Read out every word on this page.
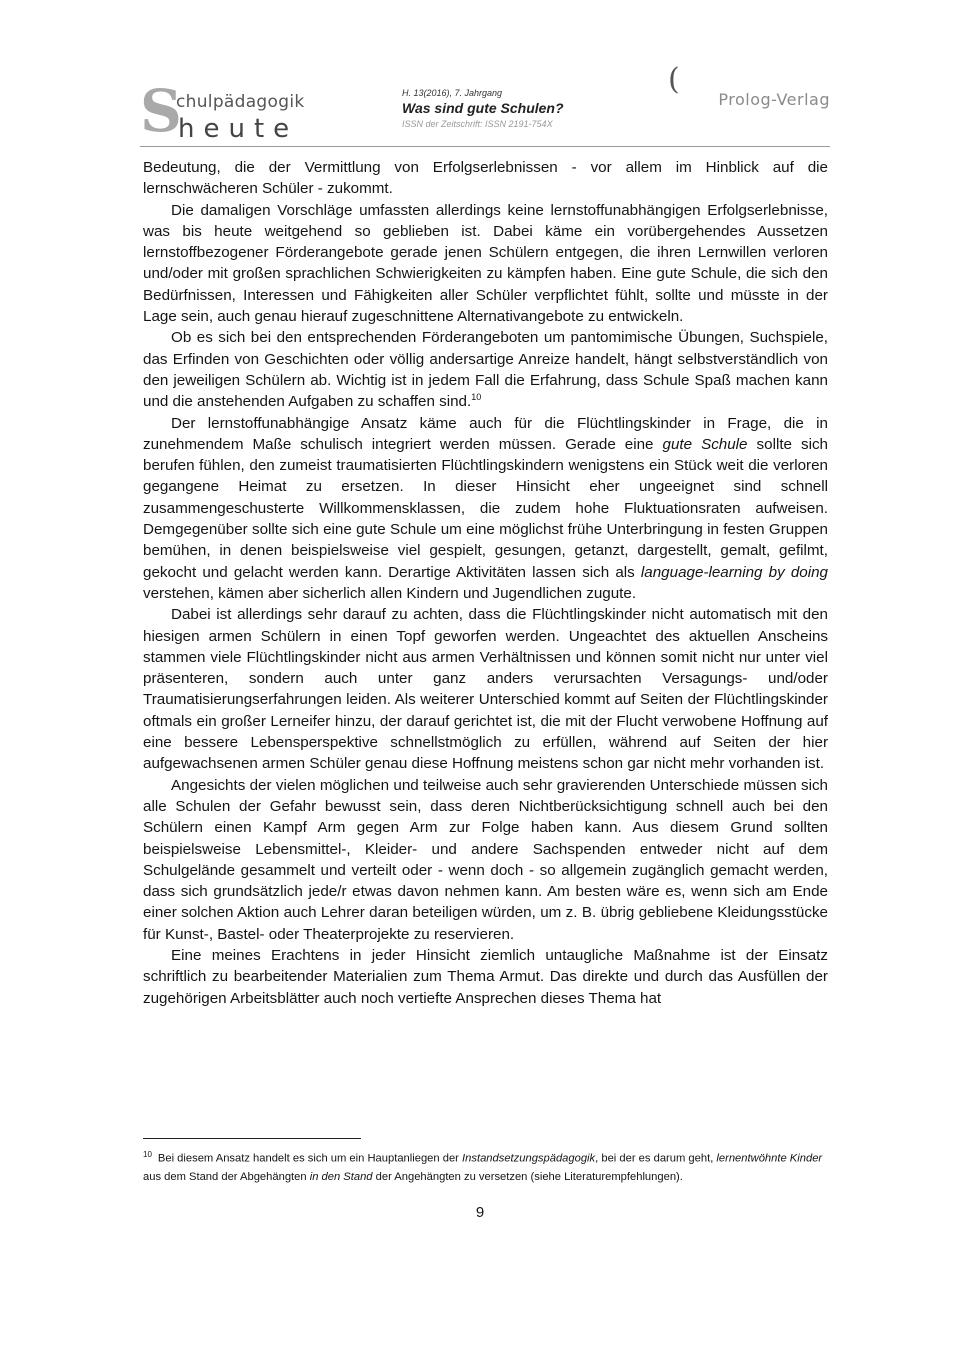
S
chulpädagogik
heute
H. 13(2016), 7. Jahrgang
Was sind gute Schulen?
ISSN der Zeitschrift: ISSN 2191-754X
(
Prolog-Verlag

Bedeutung, die der Vermittlung von Erfolgserlebnissen - vor allem im Hinblick auf die lernschwächeren Schüler - zukommt.

Die damaligen Vorschläge umfassten allerdings keine lernstoffunabhängigen Erfolgserlebnisse, was bis heute weitgehend so geblieben ist. Dabei käme ein vorübergehendes Aussetzen lernstoffbezogener Förderangebote gerade jenen Schülern entgegen, die ihren Lernwillen verloren und/oder mit großen sprachlichen Schwierigkeiten zu kämpfen haben. Eine gute Schule, die sich den Bedürfnissen, Interessen und Fähigkeiten aller Schüler verpflichtet fühlt, sollte und müsste in der Lage sein, auch genau hierauf zugeschnittene Alternativangebote zu entwickeln.

Ob es sich bei den entsprechenden Förderangeboten um pantomimische Übungen, Suchspiele, das Erfinden von Geschichten oder völlig andersartige Anreize handelt, hängt selbstverständlich von den jeweiligen Schülern ab. Wichtig ist in jedem Fall die Erfahrung, dass Schule Spaß machen kann und die anstehenden Aufgaben zu schaffen sind.$^{10}$

Der lernstoffunabhängige Ansatz käme auch für die Flüchtlingskinder in Frage, die in zunehmendem Maße schulisch integriert werden müssen. Gerade eine gute Schule sollte sich berufen fühlen, den zumeist traumatisierten Flüchtlingskindern wenigstens ein Stück weit die verloren gegangene Heimat zu ersetzen. In dieser Hinsicht eher ungeeignet sind schnell zusammengeschusterte Willkommensklassen, die zudem hohe Fluktuationsraten aufweisen. Demgegenüber sollte sich eine gute Schule um eine möglichst frühe Unterbringung in festen Gruppen bemühen, in denen beispielsweise viel gespielt, gesungen, getanzt, dargestellt, gemalt, gefilmt, gekocht und gelacht werden kann. Derartige Aktivitäten lassen sich als language-learning by doing verstehen, kämen aber sicherlich allen Kindern und Jugendlichen zugute.

Dabei ist allerdings sehr darauf zu achten, dass die Flüchtlingskinder nicht automatisch mit den hiesigen armen Schülern in einen Topf geworfen werden. Ungeachtet des aktuellen Anscheins stammen viele Flüchtlingskinder nicht aus armen Verhältnissen und können somit nicht nur unter viel präsenteren, sondern auch unter ganz anders verursachten Versagungs- und/oder Traumatisierungserfahrungen leiden. Als weiterer Unterschied kommt auf Seiten der Flüchtlingskinder oftmals ein großer Lerneifer hinzu, der darauf gerichtet ist, die mit der Flucht verwobene Hoffnung auf eine bessere Lebensperspektive schnellstmöglich zu erfüllen, während auf Seiten der hier aufgewachsenen armen Schüler genau diese Hoffnung meistens schon gar nicht mehr vorhanden ist.

Angesichts der vielen möglichen und teilweise auch sehr gravierenden Unterschiede müssen sich alle Schulen der Gefahr bewusst sein, dass deren Nichtberücksichtigung schnell auch bei den Schülern einen Kampf Arm gegen Arm zur Folge haben kann. Aus diesem Grund sollten beispielsweise Lebensmittel-, Kleider- und andere Sachspenden entweder nicht auf dem Schulgelände gesammelt und verteilt oder - wenn doch - so allgemein zugänglich gemacht werden, dass sich grundsätzlich jede/r etwas davon nehmen kann. Am besten wäre es, wenn sich am Ende einer solchen Aktion auch Lehrer daran beteiligen würden, um z. B. übrig gebliebene Kleidungsstücke für Kunst-, Bastel- oder Theaterprojekte zu reservieren.

Eine meines Erachtens in jeder Hinsicht ziemlich untaugliche Maßnahme ist der Einsatz schriftlich zu bearbeitender Materialien zum Thema Armut. Das direkte und durch das Ausfüllen der zugehörigen Arbeitsblätter auch noch vertiefte Ansprechen dieses Thema hat

$^{10}$ Bei diesem Ansatz handelt es sich um ein Hauptanliegen der Instandsetzungspädagogik, bei der es darum geht, lernentwöhnte Kinder aus dem Stand der Abgehängten in den Stand der Angehängten zu versetzen (siehe Literaturempfehlungen).
9
